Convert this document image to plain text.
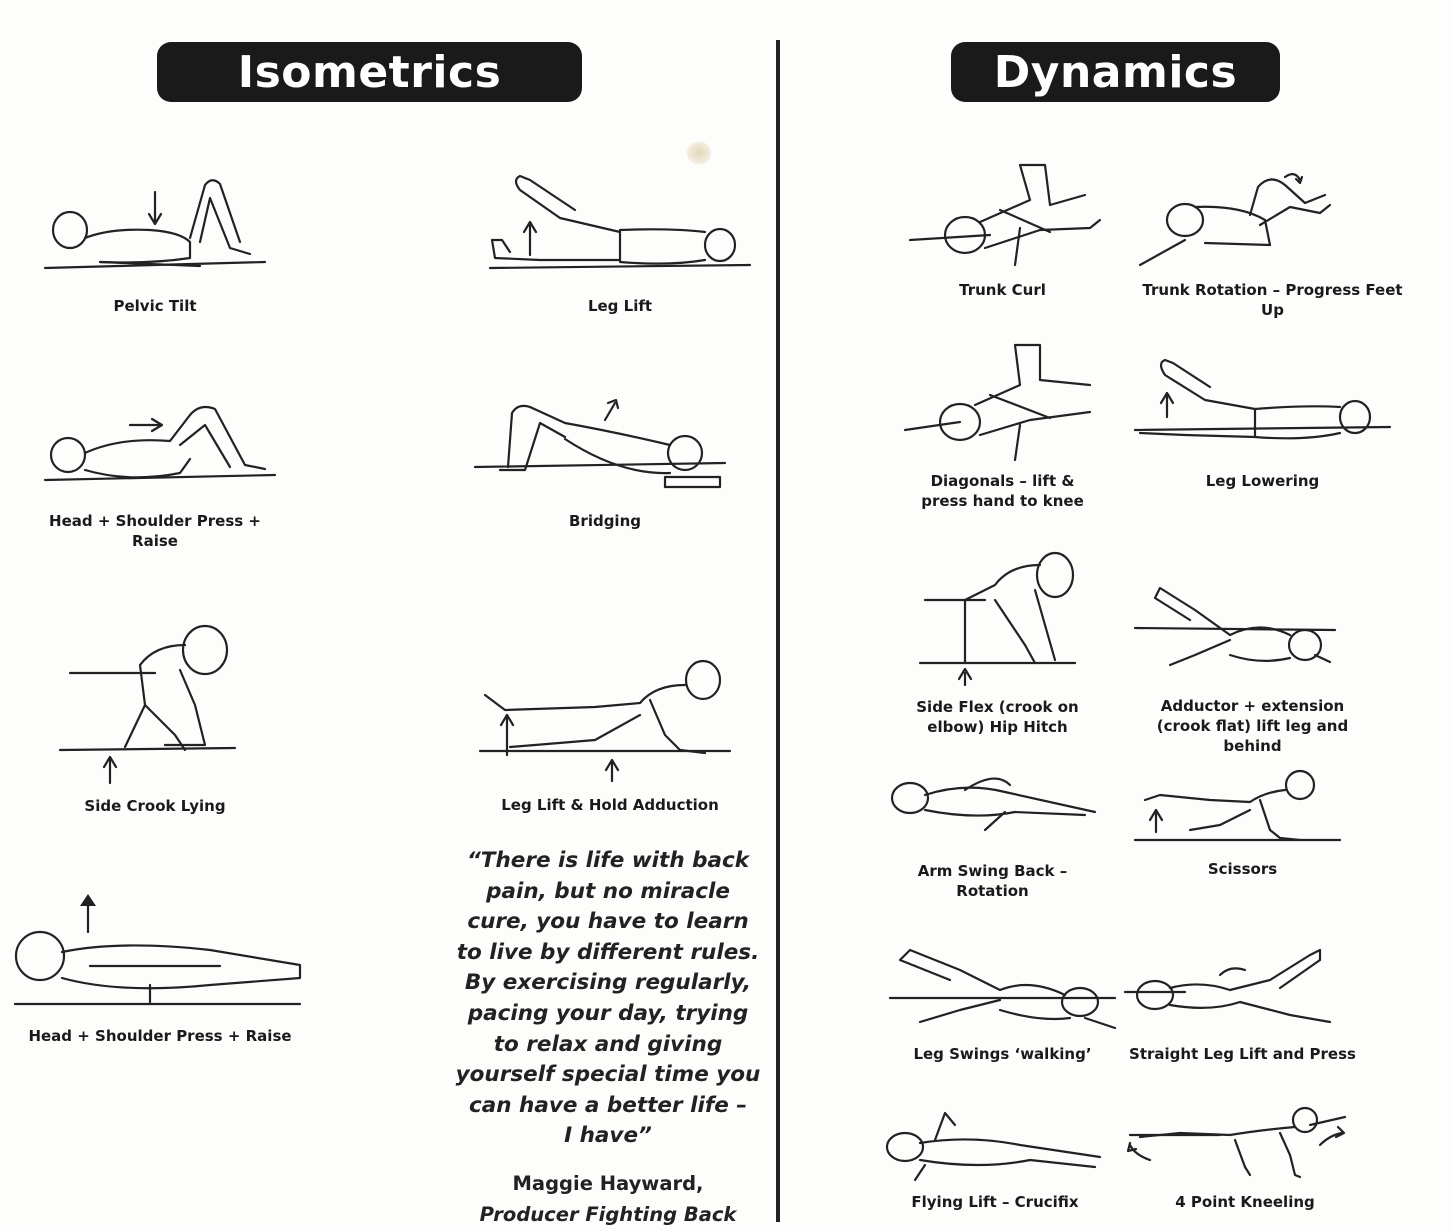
Isometrics	Dynamics
Pelvic Tilt	Leg Lift
Head + Shoulder Press + Raise
Bridging
Side Crook Lying	Leg Lift & Hold Adduction
Head + Shoulder Press + Raise
“There is life with back
pain, but no miracle
cure, you have to learn
to live by different rules.
By exercising regularly,
pacing your day, trying
to relax and giving
yourself special time you
can have a better life –
I have”
Maggie Hayward,
Producer Fighting Back
Trunk Curl	Trunk Rotation – Progress Feet Up
Diagonals – lift &
press hand to knee
Leg Lowering
Side Flex (crook on
elbow) Hip Hitch
Adductor + extension
(crook flat) lift leg and behind
Arm Swing Back –
Rotation
Scissors
Leg Swings ‘walking’	Straight Leg Lift and Press
Flying Lift – Crucifix	4 Point Kneeling
